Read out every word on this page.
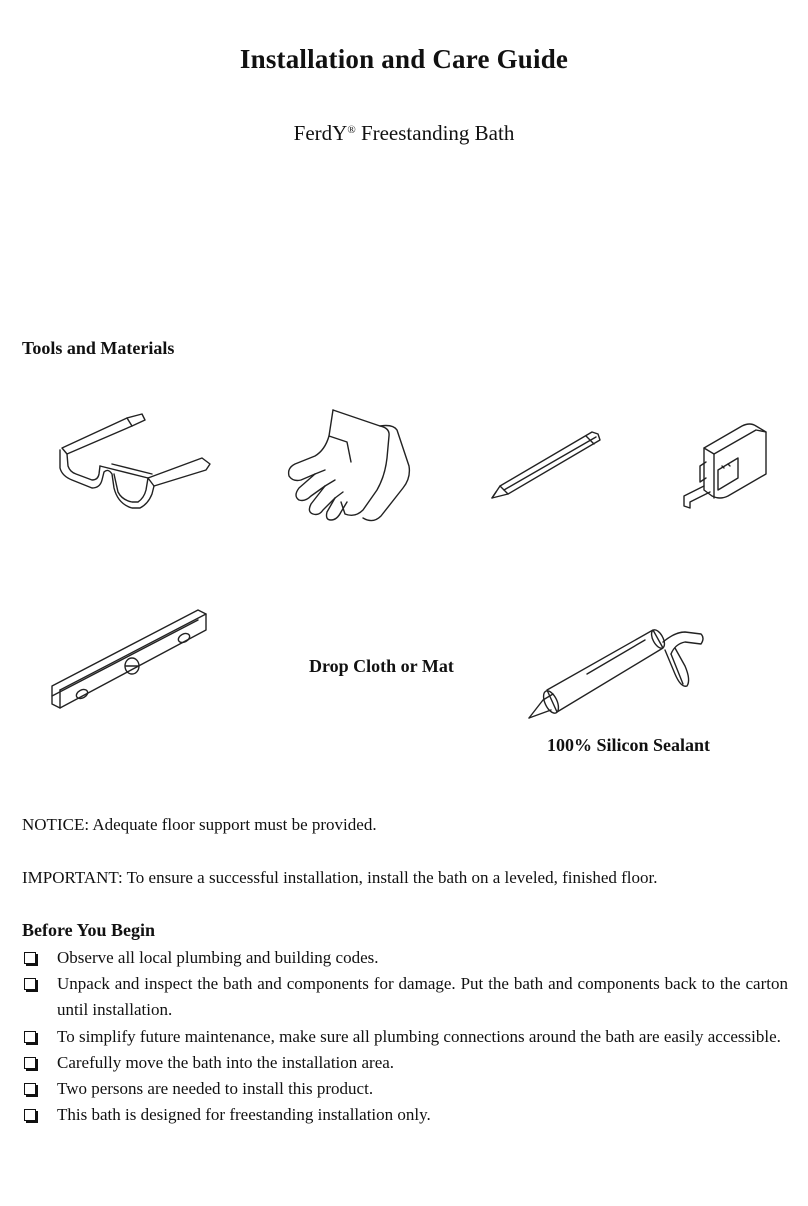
Installation and Care Guide
FerdY® Freestanding Bath
Tools and Materials
Drop Cloth or Mat
100% Silicon Sealant
NOTICE: Adequate floor support must be provided.
IMPORTANT: To ensure a successful installation, install the bath on a leveled, finished floor.
Before You Begin
Observe all local plumbing and building codes.
Unpack and inspect the bath and components for damage. Put the bath and components back to the carton until installation.
To simplify future maintenance, make sure all plumbing connections around the bath are easily accessible.
Carefully move the bath into the installation area.
Two persons are needed to install this product.
This bath is designed for freestanding installation only.
